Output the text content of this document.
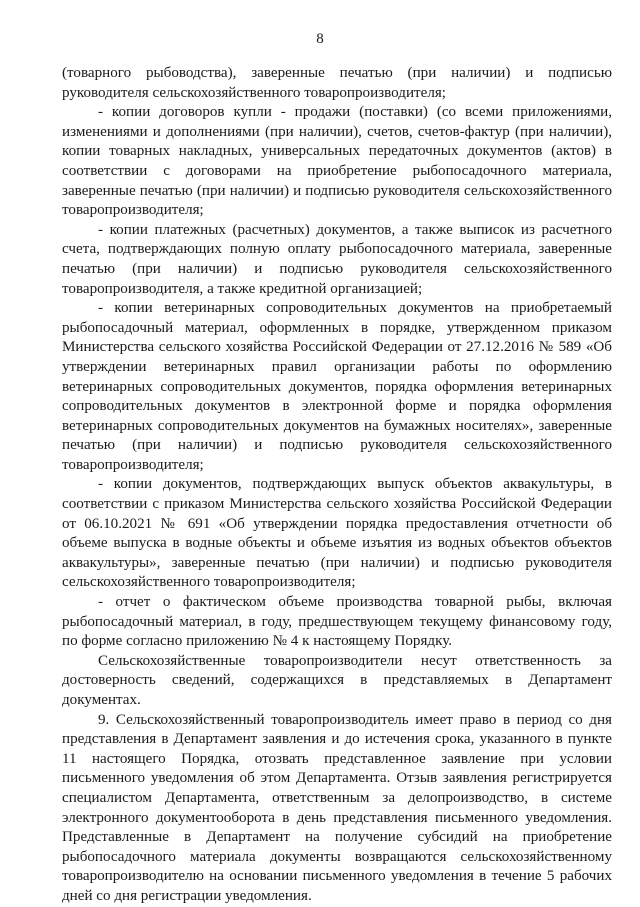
8

(товарного рыбоводства), заверенные печатью (при наличии) и подписью руководителя сельскохозяйственного товаропроизводителя;

- копии договоров купли - продажи (поставки) (со всеми приложениями, изменениями и дополнениями (при наличии), счетов, счетов-фактур (при наличии), копии товарных накладных, универсальных передаточных документов (актов) в соответствии с договорами на приобретение рыбопосадочного материала, заверенные печатью (при наличии) и подписью руководителя сельскохозяйственного товаропроизводителя;

- копии платежных (расчетных) документов, а также выписок из расчетного счета, подтверждающих полную оплату рыбопосадочного материала, заверенные печатью (при наличии) и подписью руководителя сельскохозяйственного товаропроизводителя, а также кредитной организацией;

- копии ветеринарных сопроводительных документов на приобретаемый рыбопосадочный материал, оформленных в порядке, утвержденном приказом Министерства сельского хозяйства Российской Федерации от 27.12.2016 № 589 «Об утверждении ветеринарных правил организации работы по оформлению ветеринарных сопроводительных документов, порядка оформления ветеринарных сопроводительных документов в электронной форме и порядка оформления ветеринарных сопроводительных документов на бумажных носителях», заверенные печатью (при наличии) и подписью руководителя сельскохозяйственного товаропроизводителя;

- копии документов, подтверждающих выпуск объектов аквакультуры, в соответствии с приказом Министерства сельского хозяйства Российской Федерации от 06.10.2021 № 691 «Об утверждении порядка предоставления отчетности об объеме выпуска в водные объекты и объеме изъятия из водных объектов объектов аквакультуры», заверенные печатью (при наличии) и подписью руководителя сельскохозяйственного товаропроизводителя;

- отчет о фактическом объеме производства товарной рыбы, включая рыбопосадочный материал, в году, предшествующем текущему финансовому году, по форме согласно приложению № 4 к настоящему Порядку.

Сельскохозяйственные товаропроизводители несут ответственность за достоверность сведений, содержащихся в представляемых в Департамент документах.

9. Сельскохозяйственный товаропроизводитель имеет право в период со дня представления в Департамент заявления и до истечения срока, указанного в пункте 11 настоящего Порядка, отозвать представленное заявление при условии письменного уведомления об этом Департамента. Отзыв заявления регистрируется специалистом Департамента, ответственным за делопроизводство, в системе электронного документооборота в день представления письменного уведомления. Представленные в Департамент на получение субсидий на приобретение рыбопосадочного материала документы возвращаются сельскохозяйственному товаропроизводителю на основании письменного уведомления в течение 5 рабочих дней со дня регистрации уведомления.
